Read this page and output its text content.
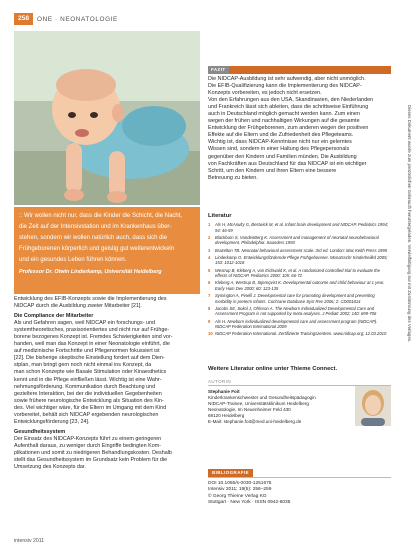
258	ONE · NEONATOLOGIE
:: Wir wollen nicht nur, dass die Kinder die Schicht, die Nacht,
die Zeit auf der Intensivstation und im Krankenhaus über-
stehen, sondern wir wollen natürlich auch, dass sich die
Frühgeborenen körperlich und geistig gut weiterentwickeln
und ein gesundes Leben führen können.
Professor Dr. Otwin Linderkamp, Universität Heidelberg
Entwicklung des EFIB-Konzepts sowie die Implementierung des
NIDCAP durch die Ausbildung zweier Mitarbeiter [21].
Die Compliance der Mitarbeiter
Als und Gefahren sagen, weil NIDCAP ein forschungs- und
systemtheoretisches, praxisorientiertes und nicht nur auf Frühge-
borene bezogenes Konzept ist. Fremdes Schwierigkeiten sind vor-
handen, weil man das Konzept in einer Neonatologie einführt, die
auf medizinische Fortschritte und Pflegenormen fokussiert ist
[22]. Die bisherige skeptische Einstellung fordert auf dem Dien-
stplan, man bringt gern noch nicht einmal ins Konzept, da
man schon Konzepte wie Basale Stimulation oder Kinaesthetics
kennt und in die Pflege einfließen lässt. Wichtig ist eine Wahr-
nehmungsförderung. Kommunikation durch Beachtung und
gezieltere Interaktion, bei der die individuellen Gegebenheiten
sowie frühere neurologische Entwicklung als Situation des Kin-
des. Viel wichtiger wäre, für die Eltern im Umgang mit dem Kind
vorbereitet, behält sich NIDCAP ergebenden neurologischen
Entwicklungsförderung [23, 24].
Gesundheitssystem
Der Einsatz des NIDCAP-Konzepts führt zu einem geringeren
Aufenthalt daraus, zu weniger durch Eingriffe bedingten Kom-
plikationen und somit zu niedrigeren Behandlungskosten. Deshalb
stellt das Gesundheitssystem im Grundsatz kein Problem für die
Umsetzung des Konzepts dar.
FAZIT
Die NIDCAP-Ausbildung ist sehr aufwendig, aber nicht unmöglich.
Die EFIB-Qualifizierung kann die Implementierung des NIDCAP-
Konzepts vorbereiten, es jedoch nicht ersetzen.
Von den Erfahrungen aus den USA, Skandinavien, den Niederlanden
und Frankreich lässt sich ableiten, dass die schrittweise Einführung
auch in Deutschland möglich gemacht werden kann. Zum einen
wegen der frühen und nachhaltigen Wirkungen auf die gesamte
Entwicklung der Frühgeborenen, zum anderen wegen der positiven
Effekte auf die Eltern und die Zufriedenheit des Pflegeteams.
Wichtig ist, dass NIDCAP-Kenntnisse nicht nur ein gelerntes
Wissen sind, sondern in einer Haltung des Pflegepersonals
gegenüber den Kindern und Familien münden. Die Ausbildung
von Fachkräften aus Deutschland für das NIDCAP ist ein wichtiger
Schritt, um den Kindern und ihren Eltern eine bessere
Betreuung zu bieten.
Literatur
1	Als H, McAnulty G, Bestwick M, et al. Infant brain development and NIDCAP. Pediatrics 1994; 94: 46-59
2	Blackburn S, VandenBerg K. Assessment and management of neonatal neurobehavioral development. Philadelphia: Saunders 1993
3	Brazelton TB. Neonatal behavioral assessment scale. 3rd ed. London: Mac Keith Press 1995
4	Linderkamp O. Entwicklungsfördernde Pflege Frühgeborener. Monatsschr Kinderheilkd 2005; 153: 1012-1018
5	Westrup B, Kleberg A, von Eichwald K, et al. A randomized controlled trial to evaluate the effects of NIDCAP. Pediatrics 2000; 105: 66-72
6	Kleberg A, Westrup B, Stjernqvist K. Developmental outcome and child behaviour at 1 year. Early Hum Dev 2000; 60: 123-135
7	Symington A, Pinelli J. Developmental care for promoting development and preventing morbidity in preterm infants. Cochrane Database Syst Rev 2006; 2: CD001814
8	Jacobs SE, Sokol J, Ohlsson A. The Newborn Individualized Developmental Care and Assessment Program is not supported by meta-analyses. J Pediatr 2002; 140: 699-706
9	Als H. Newborn individualized developmental care and assessment program (NIDCAP). NIDCAP Federation International 2009
10 NIDCAP Federation International. Zertifizierte Trainingszentren. www.nidcap.org; 12.03.2010
Weitere Literatur online unter Thieme Connect.
AUTORIN
Stephanie Foit
Kinderkrankenschwester und Gesundheitspädagogin
NIDCAP-Trainee, Universitätsklinikum Heidelberg
Neonatologie, Im Neuenheimer Feld 430
69120 Heidelberg
E-Mail: stephanie.foit@med.uni-heidelberg.de
BIBLIOGRAFIE
DOI 10.1055/s-0030-1251675
Intensiv 2011; 19(5): 256–259
© Georg Thieme Verlag KG
Stuttgart · New York · ISSN 0942-6035
Dieses Dokument wurde zum persönlichen Gebrauch heruntergeladen. Vervielfältigung nur mit Zustimmung des Verlages.
intensiv 2011
